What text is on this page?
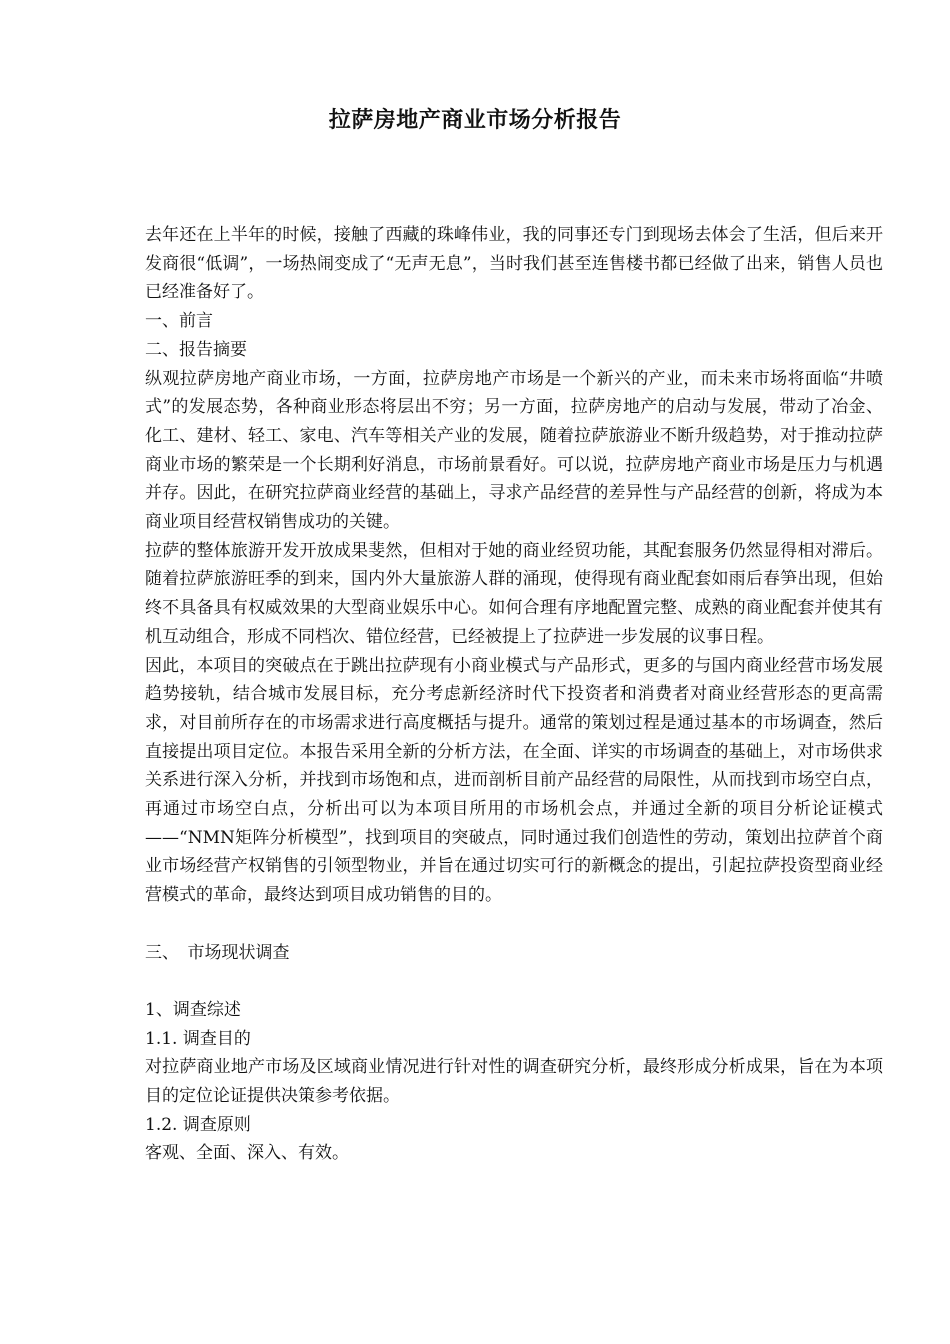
拉萨房地产商业市场分析报告

去年还在上半年的时候，接触了西藏的珠峰伟业，我的同事还专门到现场去体会了生活，但后来开发商很“低调”，一场热闹变成了“无声无息”，当时我们甚至连售楼书都已经做了出来，销售人员也已经准备好了。

一、前言

二、报告摘要

纵观拉萨房地产商业市场，一方面，拉萨房地产市场是一个新兴的产业，而未来市场将面临“井喷式”的发展态势，各种商业形态将层出不穷；另一方面，拉萨房地产的启动与发展，带动了冶金、化工、建材、轻工、家电、汽车等相关产业的发展，随着拉萨旅游业不断升级趋势，对于推动拉萨商业市场的繁荣是一个长期利好消息，市场前景看好。可以说，拉萨房地产商业市场是压力与机遇并存。因此，在研究拉萨商业经营的基础上，寻求产品经营的差异性与产品经营的创新，将成为本商业项目经营权销售成功的关键。

拉萨的整体旅游开发开放成果斐然，但相对于她的商业经贸功能，其配套服务仍然显得相对滞后。随着拉萨旅游旺季的到来，国内外大量旅游人群的涌现，使得现有商业配套如雨后春笋出现，但始终不具备具有权威效果的大型商业娱乐中心。如何合理有序地配置完整、成熟的商业配套并使其有机互动组合，形成不同档次、错位经营，已经被提上了拉萨进一步发展的议事日程。

因此，本项目的突破点在于跳出拉萨现有小商业模式与产品形式，更多的与国内商业经营市场发展趋势接轨，结合城市发展目标，充分考虑新经济时代下投资者和消费者对商业经营形态的更高需求，对目前所存在的市场需求进行高度概括与提升。通常的策划过程是通过基本的市场调查，然后直接提出项目定位。本报告采用全新的分析方法，在全面、详实的市场调查的基础上，对市场供求关系进行深入分析，并找到市场饱和点，进而剖析目前产品经营的局限性，从而找到市场空白点，再通过市场空白点，分析出可以为本项目所用的市场机会点，并通过全新的项目分析论证模式——“NMN矩阵分析模型”，找到项目的突破点，同时通过我们创造性的劳动，策划出拉萨首个商业市场经营产权销售的引领型物业，并旨在通过切实可行的新概念的提出，引起拉萨投资型商业经营模式的革命，最终达到项目成功销售的目的。

三、　市场现状调查

1、调查综述

1.1. 调查目的

对拉萨商业地产市场及区域商业情况进行针对性的调查研究分析，最终形成分析成果，旨在为本项目的定位论证提供决策参考依据。

1.2. 调查原则

客观、全面、深入、有效。
